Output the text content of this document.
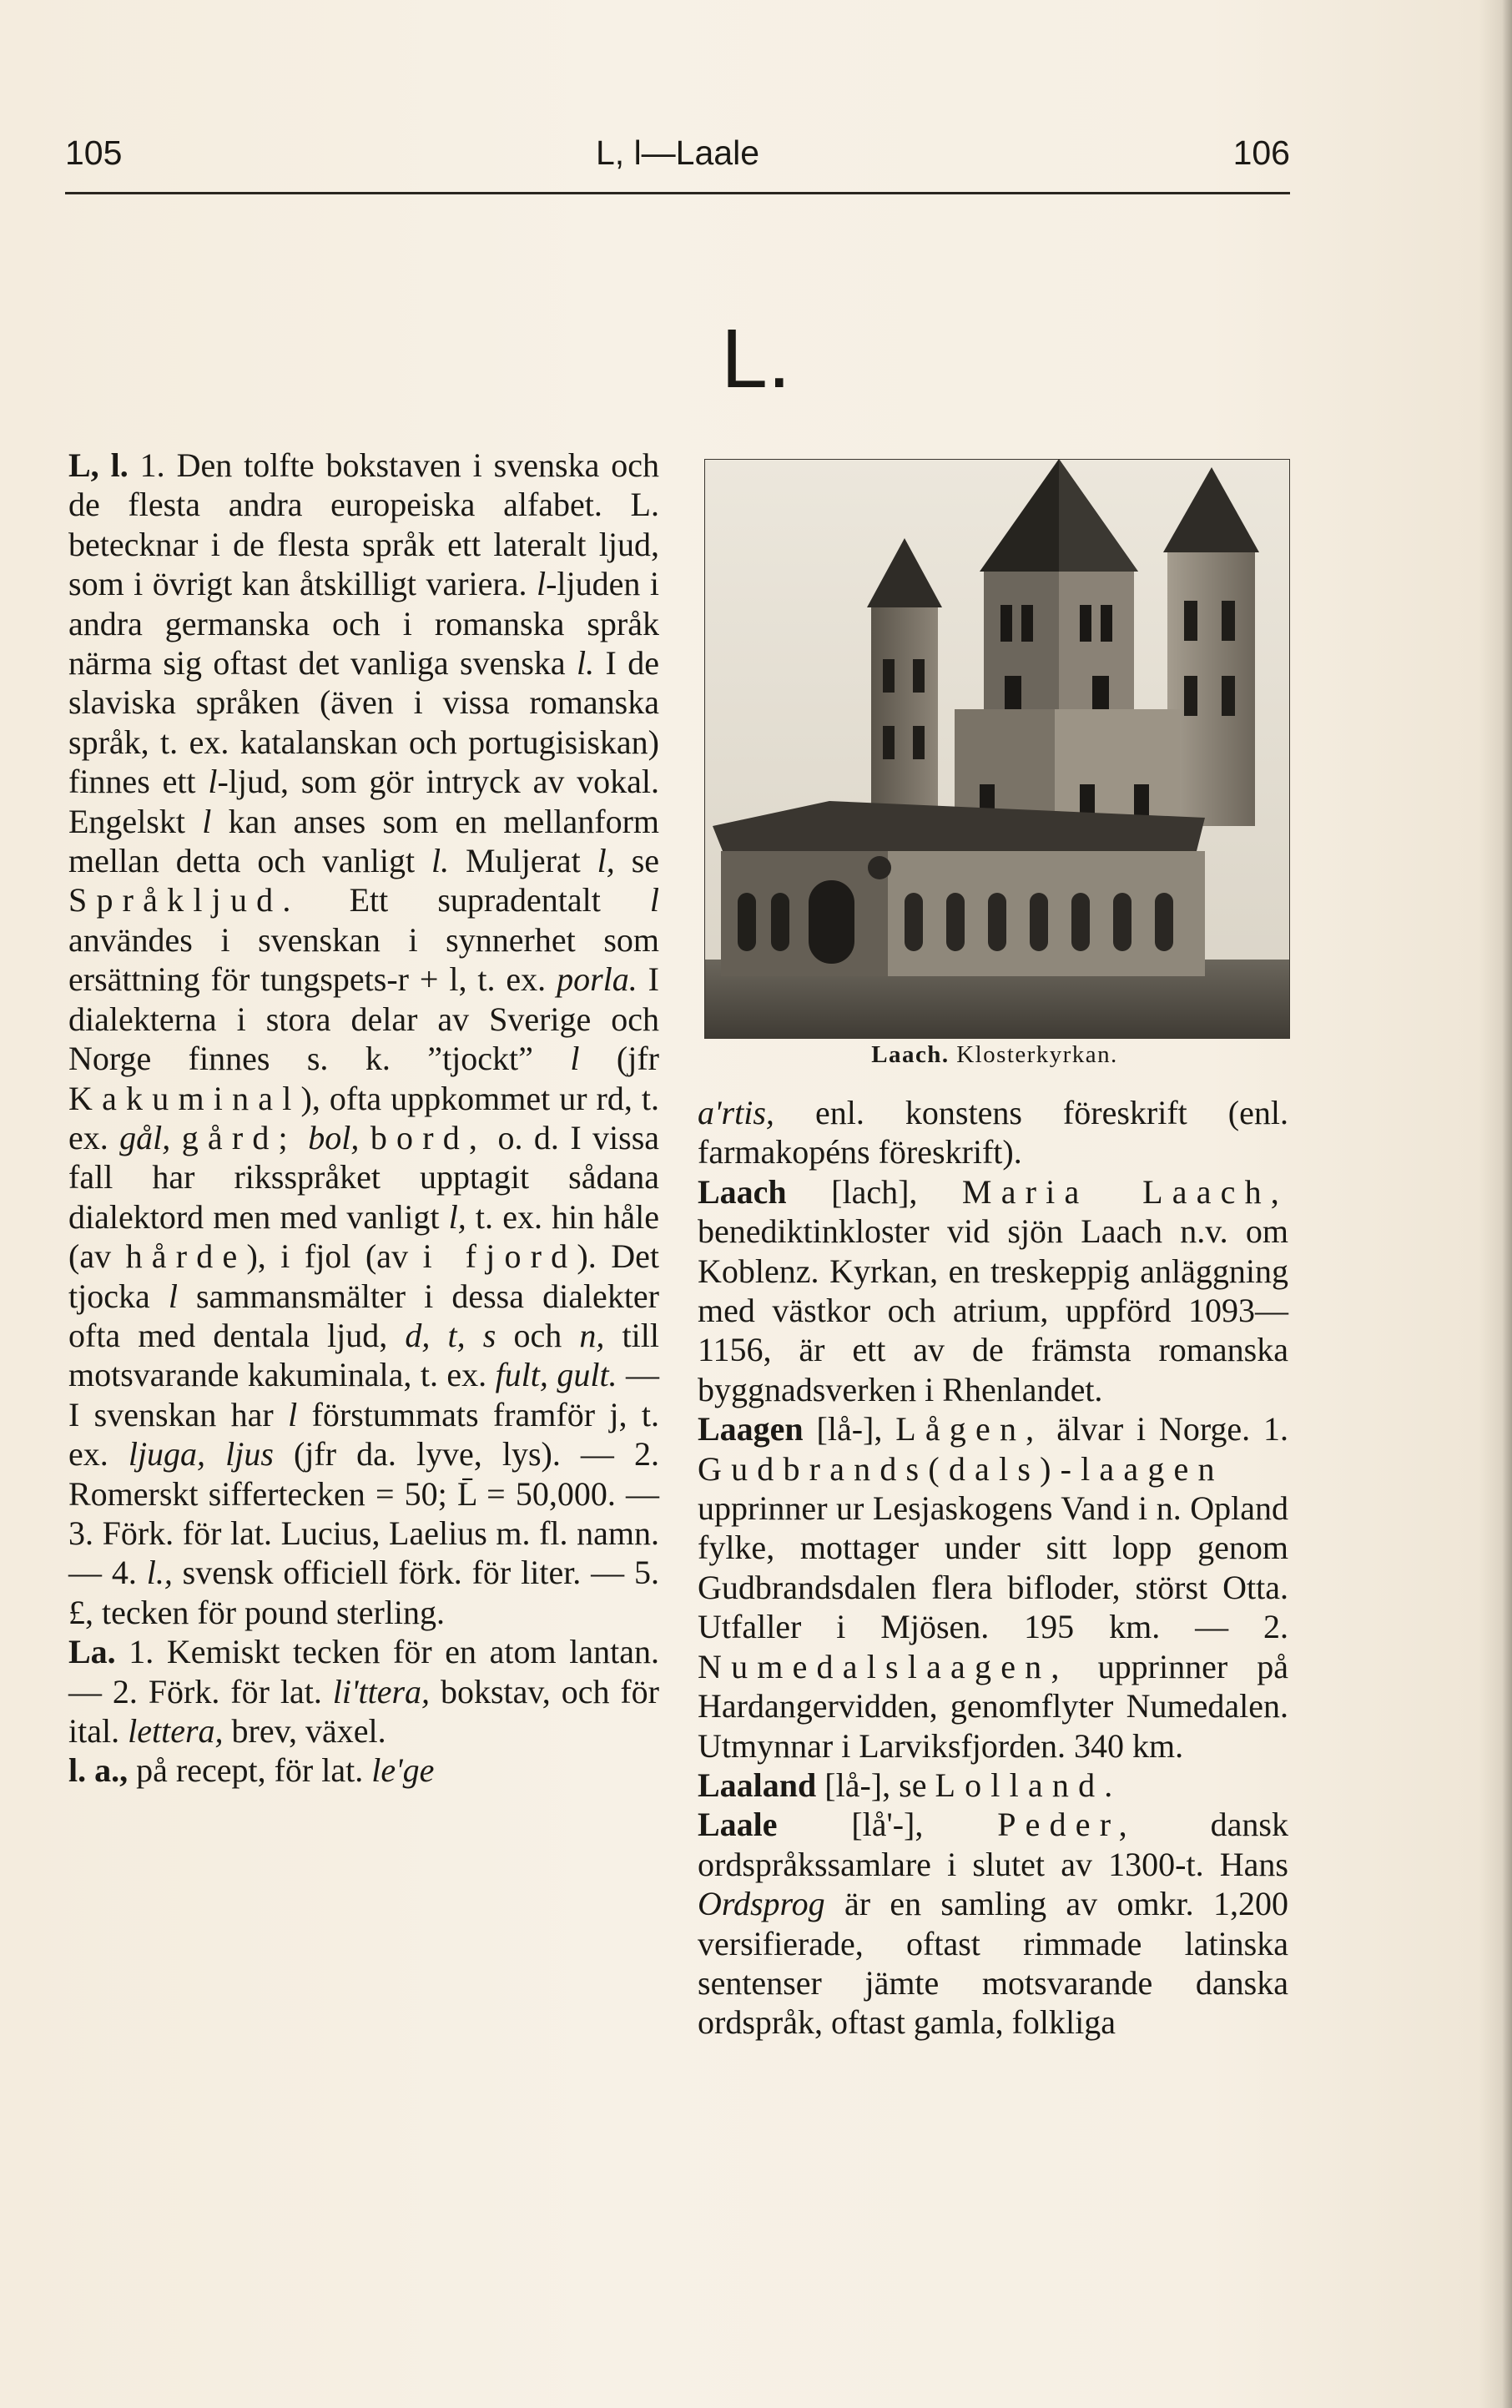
105	L, l—Laale	106
L.

L, l. 1. Den tolfte bokstaven i svenska och de flesta andra europeiska alfabet. L. betecknar i de flesta språk ett lateralt ljud, som i övrigt kan åtskilligt variera. l-ljuden i andra germanska och i romanska språk närma sig oftast det vanliga svenska l. I de slaviska språken (även i vissa romanska språk, t. ex. katalanskan och portugisiskan) finnes ett l-ljud, som gör intryck av vokal. Engelskt l kan anses som en mellanform mellan detta och vanligt l. Muljerat l, se Språkljud. Ett supradentalt l användes i svenskan i synnerhet som ersättning för tungspets-r + l, t. ex. porla. I dialekterna i stora delar av Sverige och Norge finnes s. k. ”tjockt” l (jfr Kakuminal), ofta uppkommet ur rd, t. ex. gål, gård; bol, bord, o. d. I vissa fall har riksspråket upptagit sådana dialektord men med vanligt l, t. ex. hin håle (av hårde), i fjol (av i fjord). Det tjocka l sammansmälter i dessa dialekter ofta med dentala ljud, d, t, s och n, till motsvarande kakuminala, t. ex. fult, gult. — I svenskan har l förstummats framför j, t. ex. ljuga, ljus (jfr da. lyve, lys). — 2. Romerskt siffertecken = 50; L̄ = 50,000. — 3. Förk. för lat. Lucius, Laelius m. fl. namn. — 4. l., svensk officiell förk. för liter. — 5. £, tecken för pound sterling.

La. 1. Kemiskt tecken för en atom lantan. — 2. Förk. för lat. li'ttera, bokstav, och för ital. lettera, brev, växel.

l. a., på recept, för lat. le'ge

Laach. Klosterkyrkan.

a'rtis, enl. konstens föreskrift (enl. farmakopéns föreskrift).

Laach [lach], Maria Laach, benediktinkloster vid sjön Laach n.v. om Koblenz. Kyrkan, en treskeppig anläggning med västkor och atrium, uppförd 1093—1156, är ett av de främsta romanska byggnadsverken i Rhenlandet.

Laagen [lå-], Lågen, älvar i Norge. 1. Gudbrands(dals)-laagen upprinner ur Lesjaskogens Vand i n. Opland fylke, mottager under sitt lopp genom Gudbrandsdalen flera bifloder, störst Otta. Utfaller i Mjösen. 195 km. — 2. Numedalslaagen, upprinner på Hardangervidden, genomflyter Numedalen. Utmynnar i Larviksfjorden. 340 km.

Laaland [lå-], se Lolland.

Laale [lå'-], Peder, dansk ordspråkssamlare i slutet av 1300-t. Hans Ordsprog är en samling av omkr. 1,200 versifierade, oftast rimmade latinska sentenser jämte motsvarande danska ordspråk, oftast gamla, folkliga
